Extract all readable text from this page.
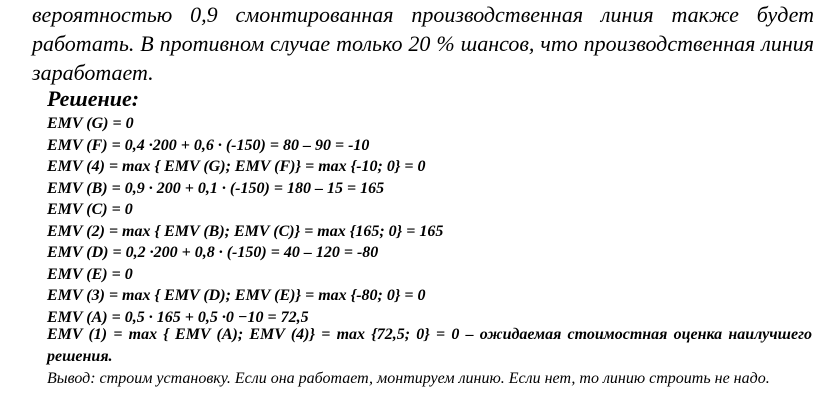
вероятностью 0,9 смонтированная производственная линия также будет работать. В противном случае только 20 % шансов, что производственная линия заработает.
Решение:
EMV (G) = 0
EMV (F) = 0,4 ·200 + 0,6 · (-150) = 80 – 90 = -10
EMV (4) = max { EMV (G); EMV (F)} = max {-10; 0} = 0
EMV (B) = 0,9 · 200 + 0,1 · (-150) = 180 – 15 = 165
EMV (C) = 0
EMV (2) = max { EMV (B); EMV (C)} = max {165; 0} = 165
EMV (D) = 0,2 ·200 + 0,8 · (-150) = 40 – 120 = -80
EMV (E) = 0
EMV (3) = max { EMV (D); EMV (E)} = max {-80; 0} = 0
EMV (A) = 0,5 · 165 + 0,5 ·0 −10 = 72,5
EMV (1) = max { EMV (A); EMV (4)} = max {72,5; 0} = 0 – ожидаемая стоимостная оценка наилучшего решения.
Вывод: строим установку. Если она работает, монтируем линию. Если нет, то линию строить не надо.
